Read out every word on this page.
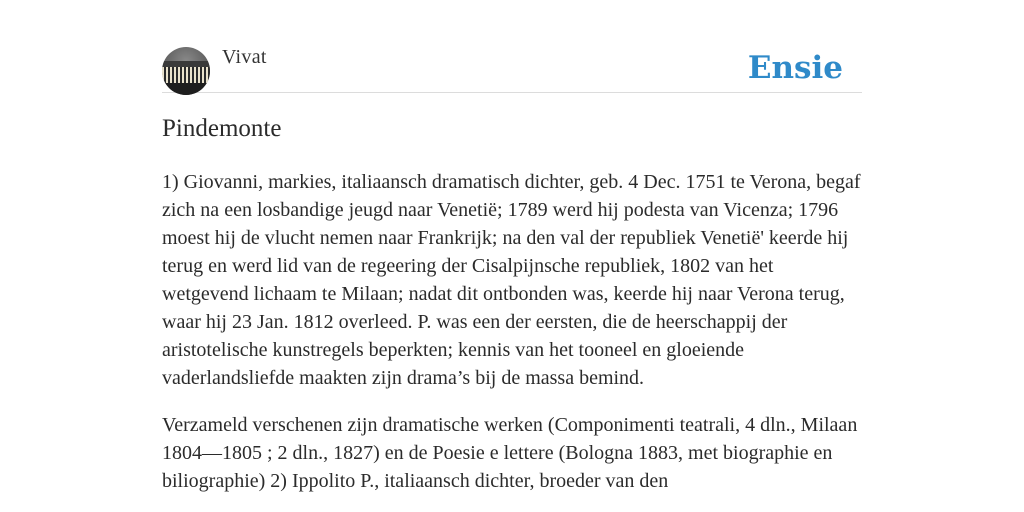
Vivat	Ensie
Pindemonte

1) Giovanni, markies, italiaansch dramatisch dichter, geb. 4 Dec. 1751 te Verona, begaf zich na een losbandige jeugd naar Venetië; 1789 werd hij podesta van Vicenza; 1796 moest hij de vlucht nemen naar Frankrijk; na den val der republiek Venetië' keerde hij terug en werd lid van de regeering der Cisalpijnsche republiek, 1802 van het wetgevend lichaam te Milaan; nadat dit ontbonden was, keerde hij naar Verona terug, waar hij 23 Jan. 1812 overleed. P. was een der eersten, die de heerschappij der aristotelische kunstregels beperkten; kennis van het tooneel en gloeiende vaderlandsliefde maakten zijn drama’s bij de massa bemind.

Verzameld verschenen zijn dramatische werken (Componimenti teatrali, 4 dln., Milaan 1804—1805 ; 2 dln., 1827) en de Poesie e lettere (Bologna 1883, met biographie en biliographie) 2) Ippolito P., italiaansch dichter, broeder van den
